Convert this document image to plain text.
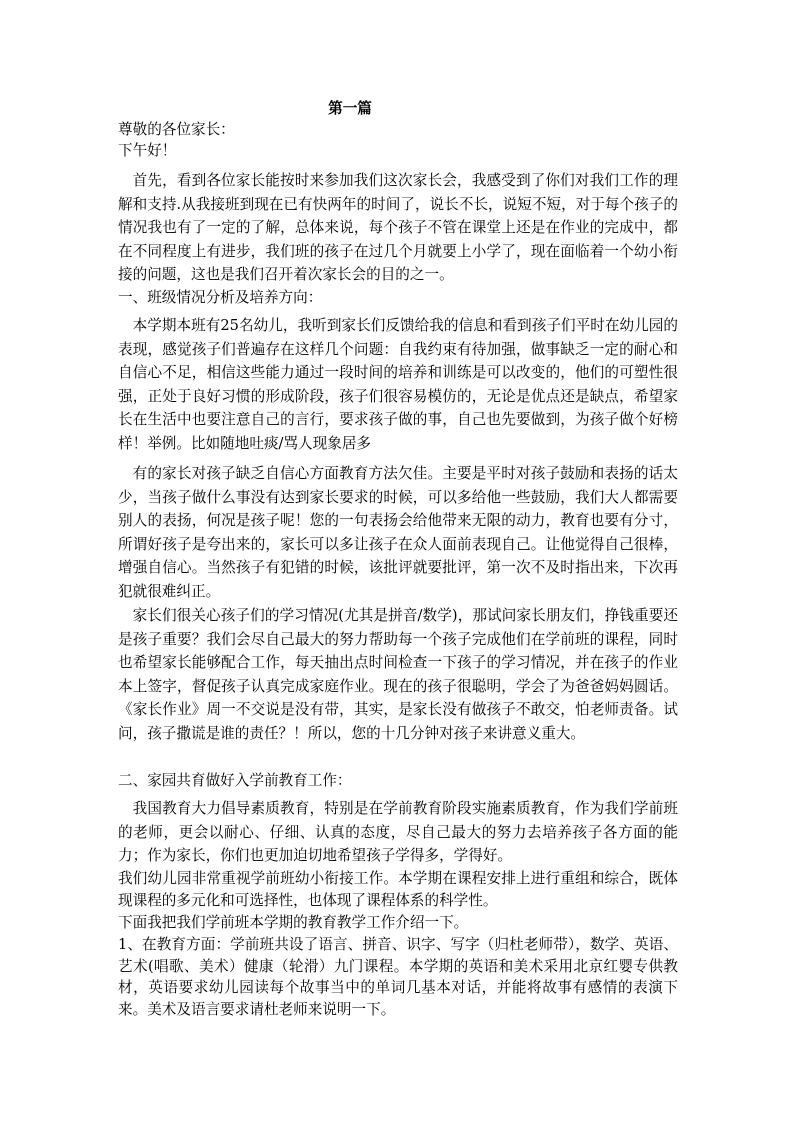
第一篇

尊敬的各位家长：

下午好！

首先，看到各位家长能按时来参加我们这次家长会，我感受到了你们对我们工作的理解和支持.从我接班到现在已有快两年的时间了，说长不长，说短不短，对于每个孩子的情况我也有了一定的了解，总体来说，每个孩子不管在课堂上还是在作业的完成中，都在不同程度上有进步，我们班的孩子在过几个月就要上小学了，现在面临着一个幼小衔接的问题，这也是我们召开着次家长会的目的之一。

一、班级情况分析及培养方向：

本学期本班有25名幼儿，我听到家长们反馈给我的信息和看到孩子们平时在幼儿园的表现，感觉孩子们普遍存在这样几个问题：自我约束有待加强，做事缺乏一定的耐心和自信心不足，相信这些能力通过一段时间的培养和训练是可以改变的，他们的可塑性很强，正处于良好习惯的形成阶段，孩子们很容易模仿的，无论是优点还是缺点，希望家长在生活中也要注意自己的言行，要求孩子做的事，自己也先要做到，为孩子做个好榜样！举例。比如随地吐痰/骂人现象居多

有的家长对孩子缺乏自信心方面教育方法欠佳。主要是平时对孩子鼓励和表扬的话太少，当孩子做什么事没有达到家长要求的时候，可以多给他一些鼓励，我们大人都需要别人的表扬，何况是孩子呢！您的一句表扬会给他带来无限的动力，教育也要有分寸，所谓好孩子是夸出来的，家长可以多让孩子在众人面前表现自己。让他觉得自己很棒，增强自信心。当然孩子有犯错的时候，该批评就要批评，第一次不及时指出来，下次再犯就很难纠正。

家长们很关心孩子们的学习情况(尤其是拼音/数学)，那试问家长朋友们，挣钱重要还是孩子重要？我们会尽自己最大的努力帮助每一个孩子完成他们在学前班的课程，同时也希望家长能够配合工作，每天抽出点时间检查一下孩子的学习情况，并在孩子的作业本上签字，督促孩子认真完成家庭作业。现在的孩子很聪明，学会了为爸爸妈妈圆话。《家长作业》周一不交说是没有带，其实，是家长没有做孩子不敢交，怕老师责备。试问，孩子撒谎是谁的责任？！所以，您的十几分钟对孩子来讲意义重大。

二、家园共育做好入学前教育工作：

我国教育大力倡导素质教育，特别是在学前教育阶段实施素质教育，作为我们学前班的老师，更会以耐心、仔细、认真的态度，尽自己最大的努力去培养孩子各方面的能力；作为家长，你们也更加迫切地希望孩子学得多，学得好。

我们幼儿园非常重视学前班幼小衔接工作。本学期在课程安排上进行重组和综合，既体现课程的多元化和可选择性，也体现了课程体系的科学性。

下面我把我们学前班本学期的教育教学工作介绍一下。

1、在教育方面：学前班共设了语言、拼音、识字、写字（归杜老师带），数学、英语、艺术(唱歌、美术）健康（轮滑）九门课程。本学期的英语和美术采用北京红婴专供教材，英语要求幼儿园读每个故事当中的单词几基本对话，并能将故事有感情的表演下来。美术及语言要求请杜老师来说明一下。
